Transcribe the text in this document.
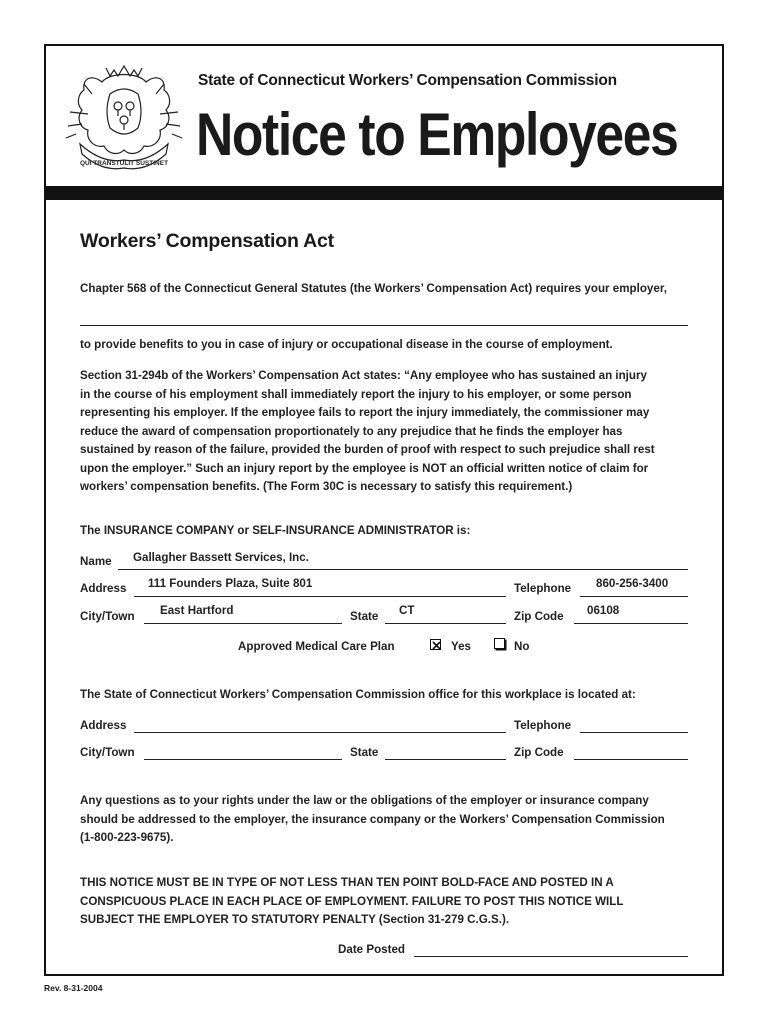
QUI TRANSTULIT SUSTINET
State of Connecticut Workers’ Compensation Commission
Notice to Employees
Workers’ Compensation Act
Chapter 568 of the Connecticut General Statutes (the Workers’ Compensation Act) requires your employer,
to provide benefits to you in case of injury or occupational disease in the course of employment.
Section 31-294b of the Workers’ Compensation Act states: “Any employee who has sustained an injury
in the course of his employment shall immediately report the injury to his employer, or some person
representing his employer. If the employee fails to report the injury immediately, the commissioner may
reduce the award of compensation proportionately to any prejudice that he finds the employer has
sustained by reason of the failure, provided the burden of proof with respect to such prejudice shall rest
upon the employer.” Such an injury report by the employee is NOT an official written notice of claim for
workers’ compensation benefits. (The Form 30C is necessary to satisfy this requirement.)
The INSURANCE COMPANY or SELF-INSURANCE ADMINISTRATOR is:
Name Gallagher Bassett Services, Inc.
Address 111 Founders Plaza, Suite 801	Telephone 860-256-3400
City/Town East Hartford	State CT	Zip Code 06108
Approved Medical Care Plan	Yes	No
The State of Connecticut Workers’ Compensation Commission office for this workplace is located at:
Address	Telephone
City/Town	State	Zip Code
Any questions as to your rights under the law or the obligations of the employer or insurance company
should be addressed to the employer, the insurance company or the Workers’ Compensation Commission
(1-800-223-9675).
THIS NOTICE MUST BE IN TYPE OF NOT LESS THAN TEN POINT BOLD-FACE AND POSTED IN A
CONSPICUOUS PLACE IN EACH PLACE OF EMPLOYMENT. FAILURE TO POST THIS NOTICE WILL
SUBJECT THE EMPLOYER TO STATUTORY PENALTY (Section 31-279 C.G.S.).
Date Posted
Rev. 8-31-2004
